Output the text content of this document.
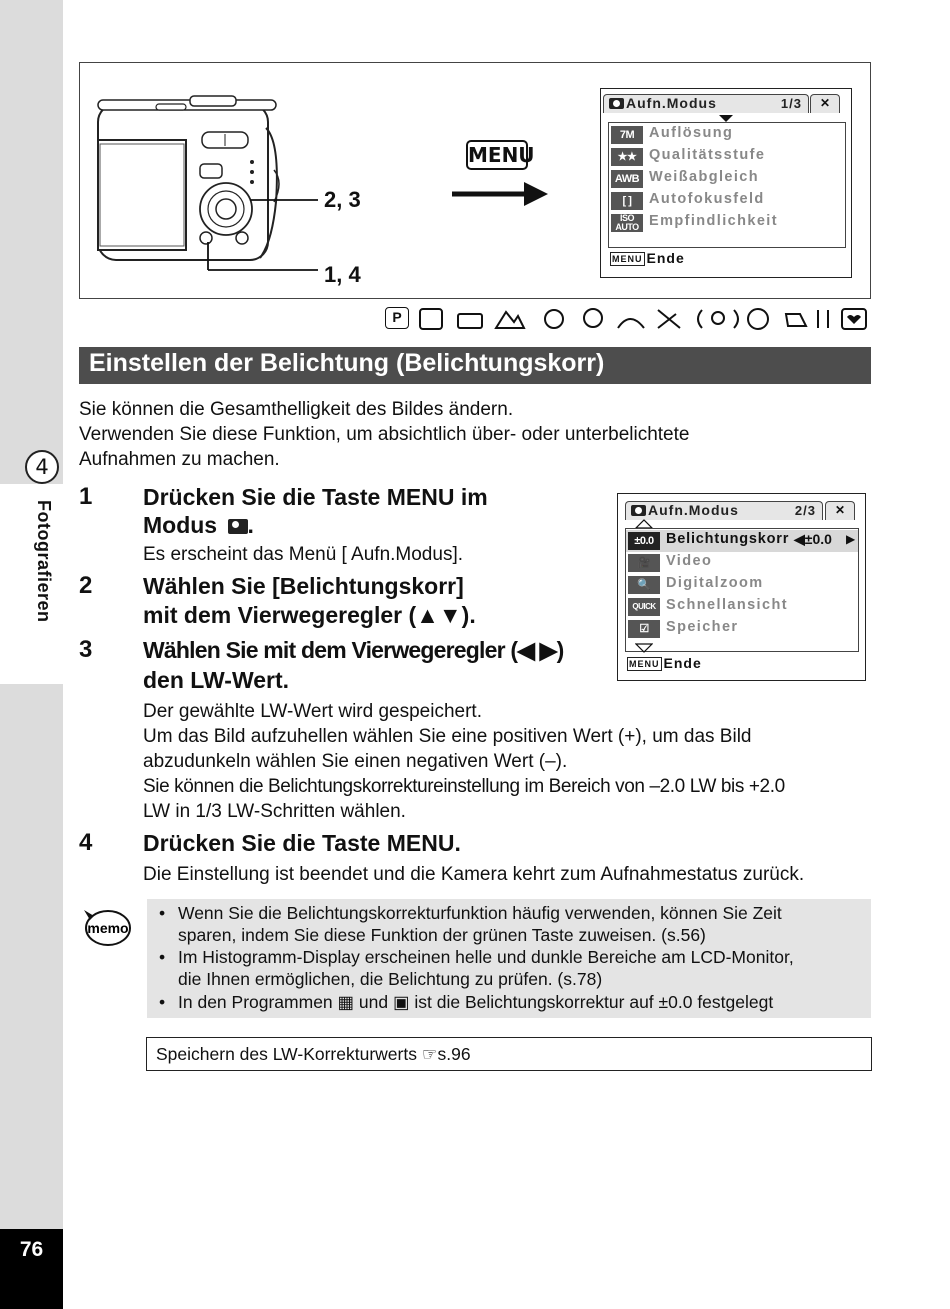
4
Fotografieren
76
2, 3
1, 4
MENU
Aufn.Modus	1/3	✕
7M	Auflösung
★★ Qualitätsstufe
AWB Weißabgleich
[ ]	Autofokusfeld
ISO AUTO Empfindlichkeit
MENU Ende
P
Einstellen der Belichtung (Belichtungskorr)
Sie können die Gesamthelligkeit des Bildes ändern.
Verwenden Sie diese Funktion, um absichtlich über- oder unterbelichtete
Aufnahmen zu machen.
1 Drücken Sie die Taste MENU im
Modus .
Es erscheint das Menü [ Aufn.Modus].
2 Wählen Sie [Belichtungskorr]
mit dem Vierwegeregler (▲▼).
3 Wählen Sie mit dem Vierwegeregler (◀ ▶)
den LW-Wert.
Der gewählte LW-Wert wird gespeichert.
Um das Bild aufzuhellen wählen Sie eine positiven Wert (+), um das Bild
abzudunkeln wählen Sie einen negativen Wert (–).
Sie können die Belichtungskorrektureinstellung im Bereich von –2.0 LW bis +2.0
LW in 1/3 LW-Schritten wählen.
4 Drücken Sie die Taste MENU.
Die Einstellung ist beendet und die Kamera kehrt zum Aufnahmestatus zurück.
Aufn.Modus	2/3	✕
±0.0 Belichtungskorr ◀±0.0 ▶
🎥	Video
🔍	Digitalzoom
QUICK Schnellansicht
☑	Speicher
MENU Ende
memo
• Wenn Sie die Belichtungskorrekturfunktion häufig verwenden, können Sie Zeit
sparen, indem Sie diese Funktion der grünen Taste zuweisen. (s.56)
• Im Histogramm-Display erscheinen helle und dunkle Bereiche am LCD-Monitor,
die Ihnen ermöglichen, die Belichtung zu prüfen. (s.78)
• In den Programmen ▦ und ▣ ist die Belichtungskorrektur auf ±0.0 festgelegt
Speichern des LW-Korrekturwerts ☞s.96
